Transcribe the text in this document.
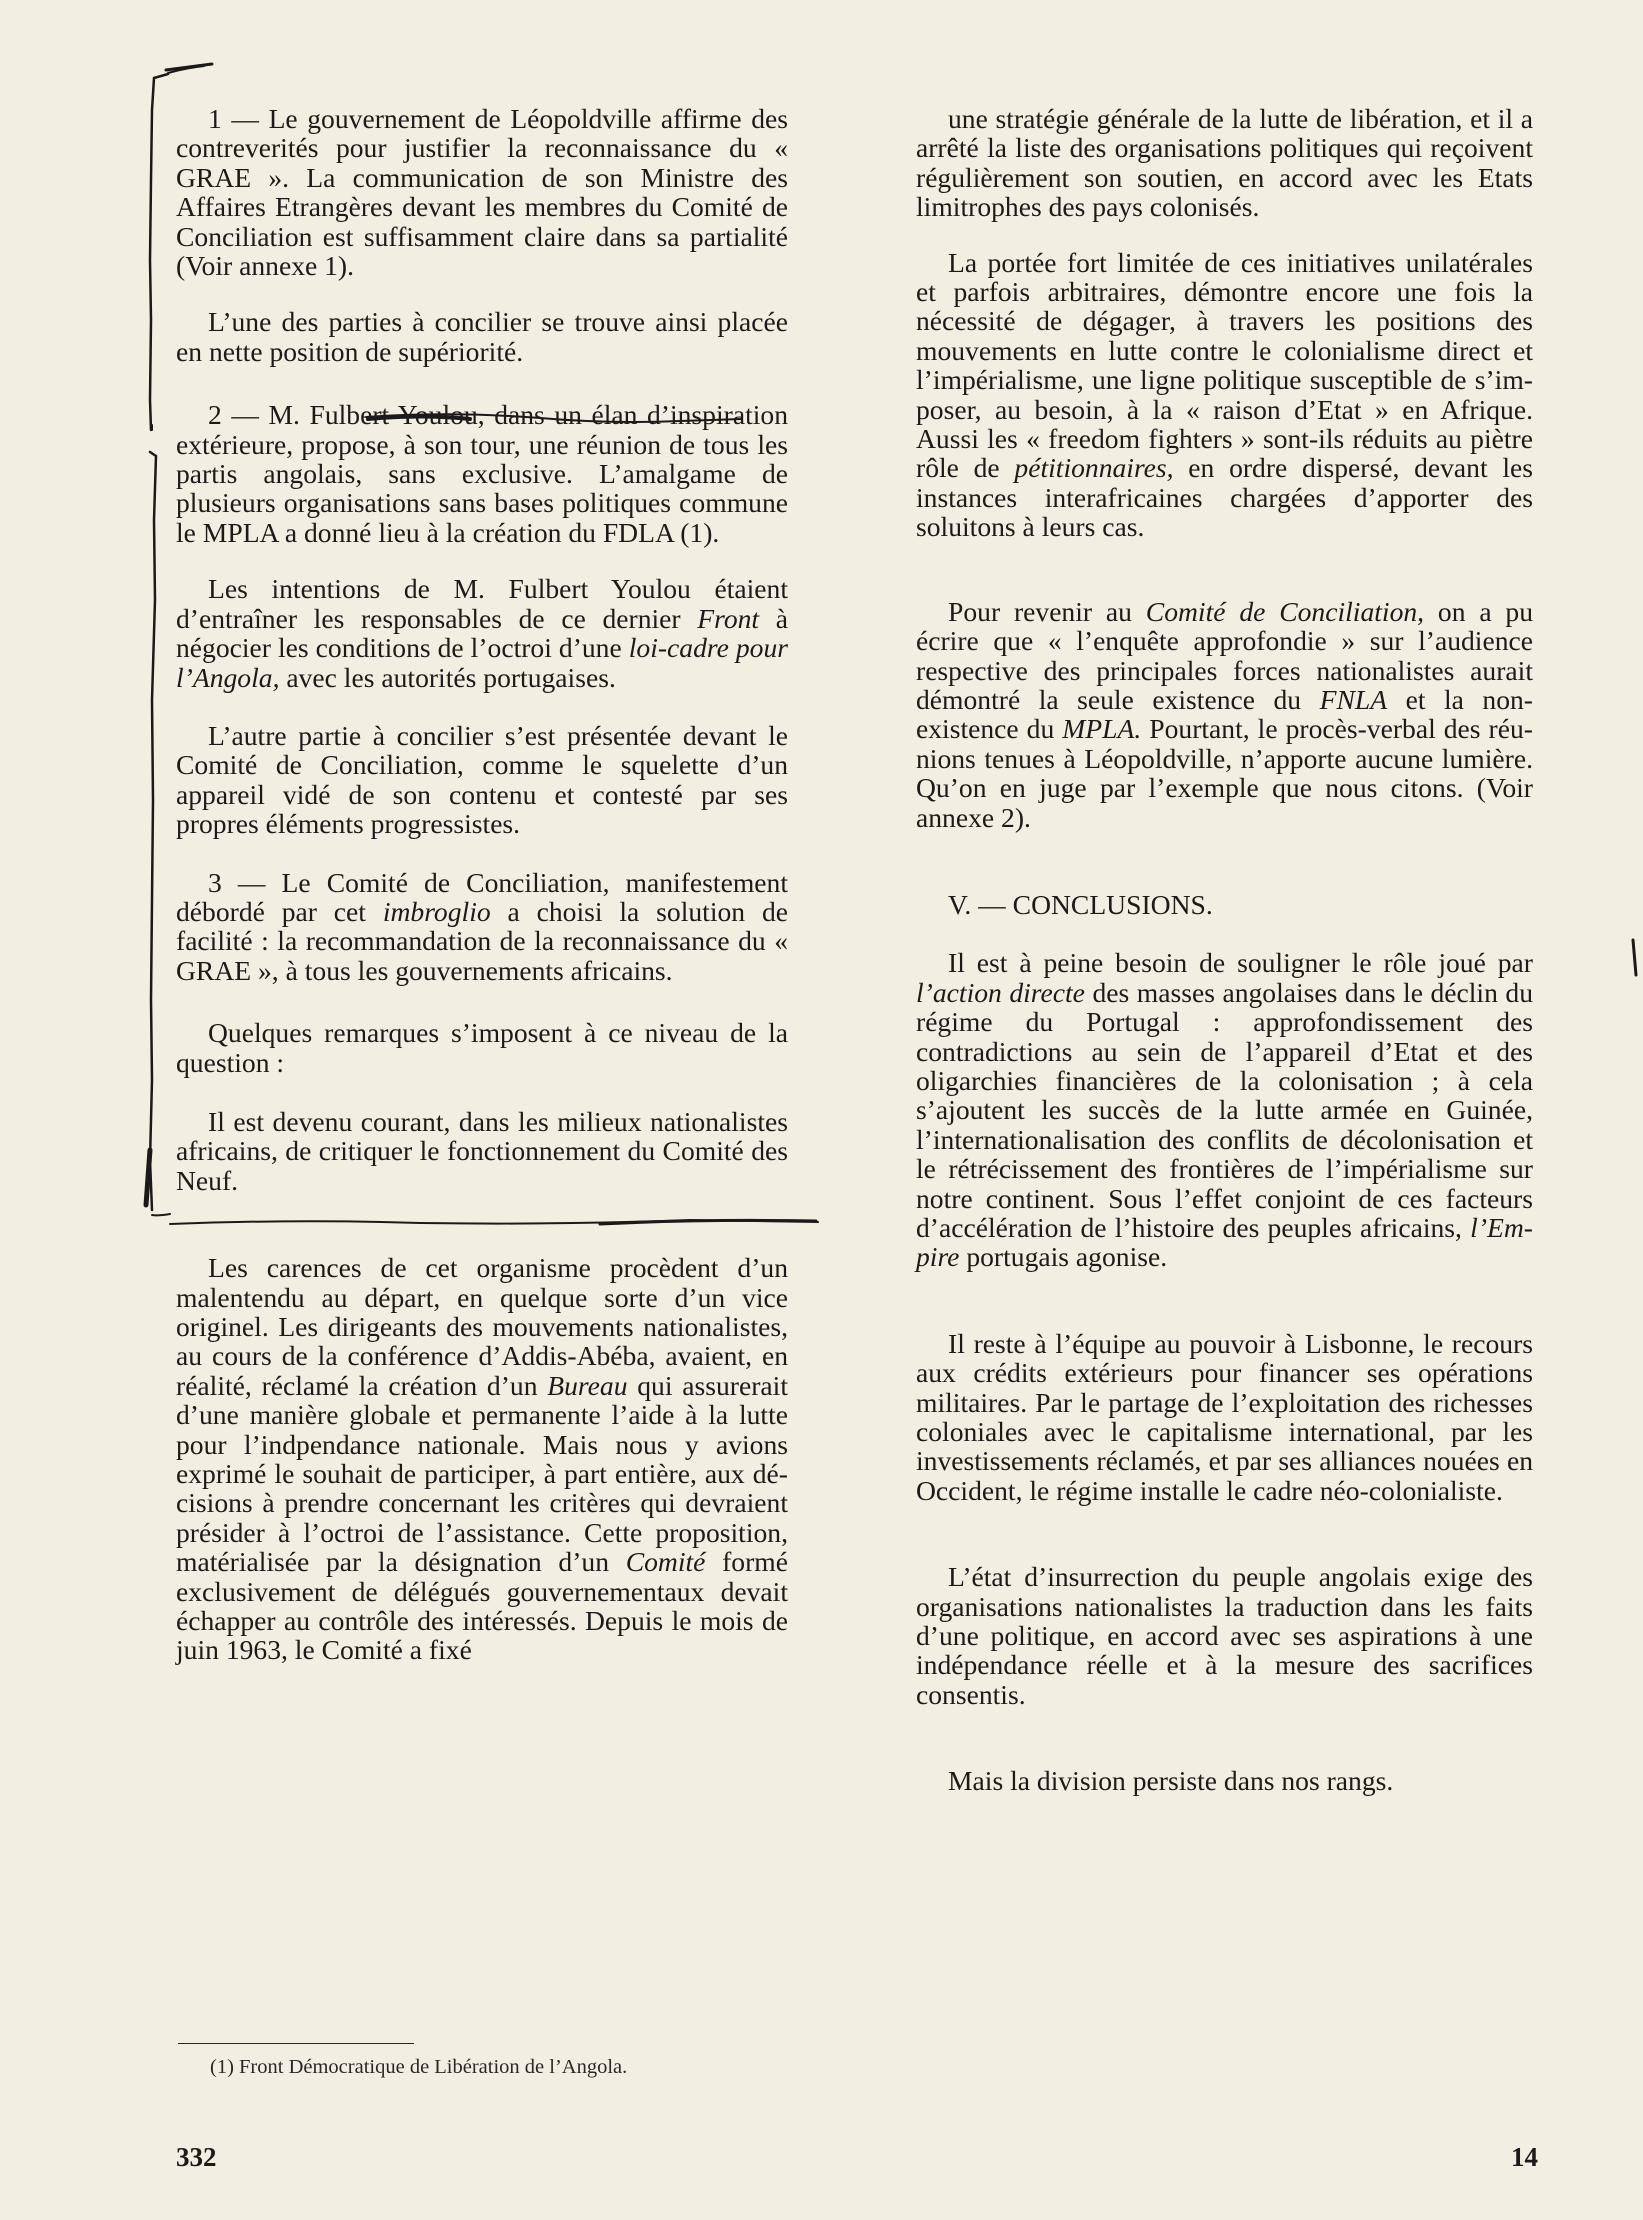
1 — Le gouvernement de Léopoldville affirme des contreverités pour justifier la reconnaissance du « GRAE ». La communication de son Ministre des Affaires Etrangères devant les membres du Comité de Conciliation est suffisamment claire dans sa partialité (Voir annexe 1).

L’une des parties à concilier se trouve ainsi placée en nette position de supériorité.

2 — M. Fulbert Youlou, dans un élan d’inspiration extérieure, propose, à son tour, une réunion de tous les partis angolais, sans exclusive. L’amalgame de plusieurs organisations sans bases politiques commune le MPLA a donné lieu à la création du FDLA (1).

Les intentions de M. Fulbert Youlou étaient d’entraîner les responsables de ce dernier Front à négocier les conditions de l’octroi d’une loi-cadre pour l’Angola, avec les autorités portugaises.

L’autre partie à concilier s’est présentée devant le Comité de Conciliation, comme le squelette d’un appareil vidé de son contenu et contesté par ses propres éléments progressistes.

3 — Le Comité de Conciliation, manifestement débordé par cet imbroglio a choisi la solution de facilité : la recommandation de la reconnaissance du « GRAE », à tous les gouvernements africains.

Quelques remarques s’imposent à ce niveau de la question :

Il est devenu courant, dans les milieux nationalistes africains, de critiquer le fonctionnement du Comité des Neuf.

Les carences de cet organisme procèdent d’un malentendu au départ, en quelque sorte d’un vice originel. Les dirigeants des mouvements nationalistes, au cours de la conférence d’Addis-Abéba, avaient, en réalité, réclamé la création d’un Bureau qui assurerait d’une manière globale et permanente l’aide à la lutte pour l’indpendance nationale. Mais nous y avions exprimé le souhait de participer, à part entière, aux décisions à prendre concernant les critères qui devraient présider à l’octroi de l’assistance. Cette proposition, matérialisée par la désignation d’un Comité formé exclusivement de délégués gouvernementaux devait échapper au contrôle des intéressés. Depuis le mois de juin 1963, le Comité a fixé

une stratégie générale de la lutte de libération, et il a arrêté la liste des organisations politiques qui reçoivent régulièrement son soutien, en accord avec les Etats limitrophes des pays colonisés.

La portée fort limitée de ces initiatives unilatérales et parfois arbitraires, démontre encore une fois la nécessité de dégager, à travers les positions des mouvements en lutte contre le colonialisme direct et l’impérialisme, une ligne politique susceptible de s’imposer, au besoin, à la « raison d’Etat » en Afrique. Aussi les « freedom fighters » sont-ils réduits au piètre rôle de pétitionnaires, en ordre dispersé, devant les instances interafricaines chargées d’apporter des soluitons à leurs cas.

Pour revenir au Comité de Conciliation, on a pu écrire que « l’enquête approfondie » sur l’audience respective des principales forces nationalistes aurait démontré la seule existence du FNLA et la non-existence du MPLA. Pourtant, le procès-verbal des réunions tenues à Léopoldville, n’apporte aucune lumière. Qu’on en juge par l’exemple que nous citons. (Voir annexe 2).

V. — CONCLUSIONS.

Il est à peine besoin de souligner le rôle joué par l’action directe des masses angolaises dans le déclin du régime du Portugal : approfondissement des contradictions au sein de l’appareil d’Etat et des oligarchies financières de la colonisation ; à cela s’ajoutent les succès de la lutte armée en Guinée, l’internationalisation des conflits de décolonisation et le rétrécissement des frontières de l’impérialisme sur notre continent. Sous l’effet conjoint de ces facteurs d’accélération de l’histoire des peuples africains, l’Empire portugais agonise.

Il reste à l’équipe au pouvoir à Lisbonne, le recours aux crédits extérieurs pour financer ses opérations militaires. Par le partage de l’exploitation des richesses coloniales avec le capitalisme international, par les investissements réclamés, et par ses alliances nouées en Occident, le régime installe le cadre néo-colonialiste.

L’état d’insurrection du peuple angolais exige des organisations nationalistes la traduction dans les faits d’une politique, en accord avec ses aspirations à une indépendance réelle et à la mesure des sacrifices consentis.

Mais la division persiste dans nos rangs.

(1) Front Démocratique de Libération de l’Angola.
332	14
